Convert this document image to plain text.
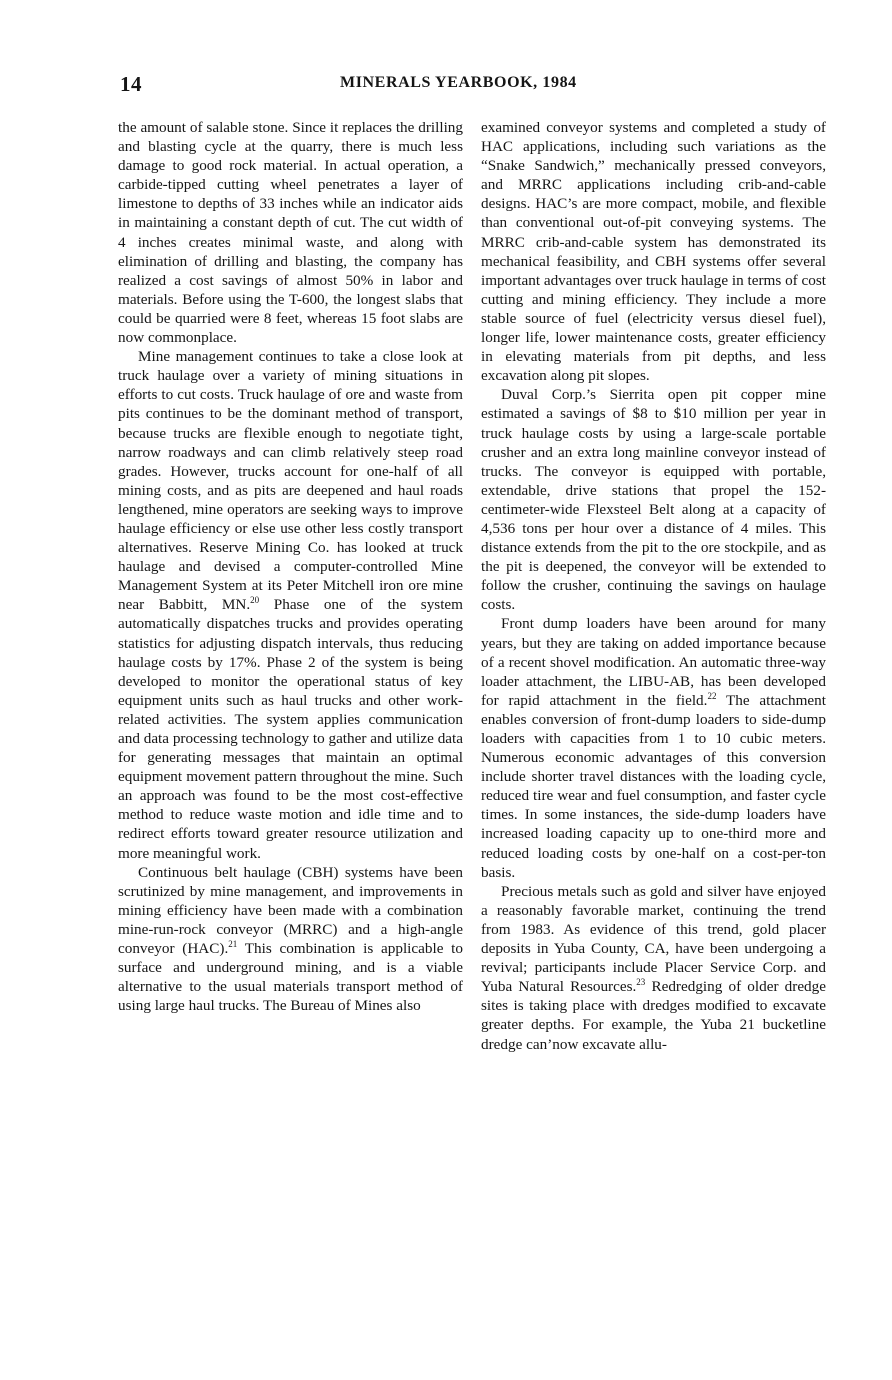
14	MINERALS YEARBOOK, 1984

the amount of salable stone. Since it replaces the drilling and blasting cycle at the quarry, there is much less damage to good rock material. In actual operation, a carbide-tipped cutting wheel penetrates a layer of limestone to depths of 33 inches while an indicator aids in maintaining a constant depth of cut. The cut width of 4 inches creates minimal waste, and along with elimination of drilling and blasting, the company has realized a cost savings of almost 50% in labor and materials. Before using the T-600, the longest slabs that could be quarried were 8 feet, whereas 15 foot slabs are now commonplace.

Mine management continues to take a close look at truck haulage over a variety of mining situations in efforts to cut costs. Truck haulage of ore and waste from pits continues to be the dominant method of transport, because trucks are flexible enough to negotiate tight, narrow roadways and can climb relatively steep road grades. However, trucks account for one-half of all mining costs, and as pits are deepened and haul roads lengthened, mine operators are seeking ways to improve haulage efficiency or else use other less costly transport alternatives. Reserve Mining Co. has looked at truck haulage and devised a computer-controlled Mine Management System at its Peter Mitchell iron ore mine near Babbitt, MN.$^{20}$ Phase one of the system automatically dispatches trucks and provides operating statistics for adjusting dispatch intervals, thus reducing haulage costs by 17%. Phase 2 of the system is being developed to monitor the operational status of key equipment units such as haul trucks and other work-related activities. The system applies communication and data processing technology to gather and utilize data for generating messages that maintain an optimal equipment movement pattern throughout the mine. Such an approach was found to be the most cost-effective method to reduce waste motion and idle time and to redirect efforts toward greater resource utilization and more meaningful work.

Continuous belt haulage (CBH) systems have been scrutinized by mine management, and improvements in mining efficiency have been made with a combination mine-run-rock conveyor (MRRC) and a high-angle conveyor (HAC).$^{21}$ This combination is applicable to surface and underground mining, and is a viable alternative to the usual materials transport method of using large haul trucks. The Bureau of Mines also

examined conveyor systems and completed a study of HAC applications, including such variations as the “Snake Sandwich,” mechanically pressed conveyors, and MRRC applications including crib-and-cable designs. HAC’s are more compact, mobile, and flexible than conventional out-of-pit conveying systems. The MRRC crib-and-cable system has demonstrated its mechanical feasibility, and CBH systems offer several important advantages over truck haulage in terms of cost cutting and mining efficiency. They include a more stable source of fuel (electricity versus diesel fuel), longer life, lower maintenance costs, greater efficiency in elevating materials from pit depths, and less excavation along pit slopes.

Duval Corp.’s Sierrita open pit copper mine estimated a savings of $8 to $10 million per year in truck haulage costs by using a large-scale portable crusher and an extra long mainline conveyor instead of trucks. The conveyor is equipped with portable, extendable, drive stations that propel the 152-centimeter-wide Flexsteel Belt along at a capacity of 4,536 tons per hour over a distance of 4 miles. This distance extends from the pit to the ore stockpile, and as the pit is deepened, the conveyor will be extended to follow the crusher, continuing the savings on haulage costs.

Front dump loaders have been around for many years, but they are taking on added importance because of a recent shovel modification. An automatic three-way loader attachment, the LIBU-AB, has been developed for rapid attachment in the field.$^{22}$ The attachment enables conversion of front-dump loaders to side-dump loaders with capacities from 1 to 10 cubic meters. Numerous economic advantages of this conversion include shorter travel distances with the loading cycle, reduced tire wear and fuel consumption, and faster cycle times. In some instances, the side-dump loaders have increased loading capacity up to one-third more and reduced loading costs by one-half on a cost-per-ton basis.

Precious metals such as gold and silver have enjoyed a reasonably favorable market, continuing the trend from 1983. As evidence of this trend, gold placer deposits in Yuba County, CA, have been undergoing a revival; participants include Placer Service Corp. and Yuba Natural Resources.$^{23}$ Redredging of older dredge sites is taking place with dredges modified to excavate greater depths. For example, the Yuba 21 bucketline dredge can’now excavate allu-
